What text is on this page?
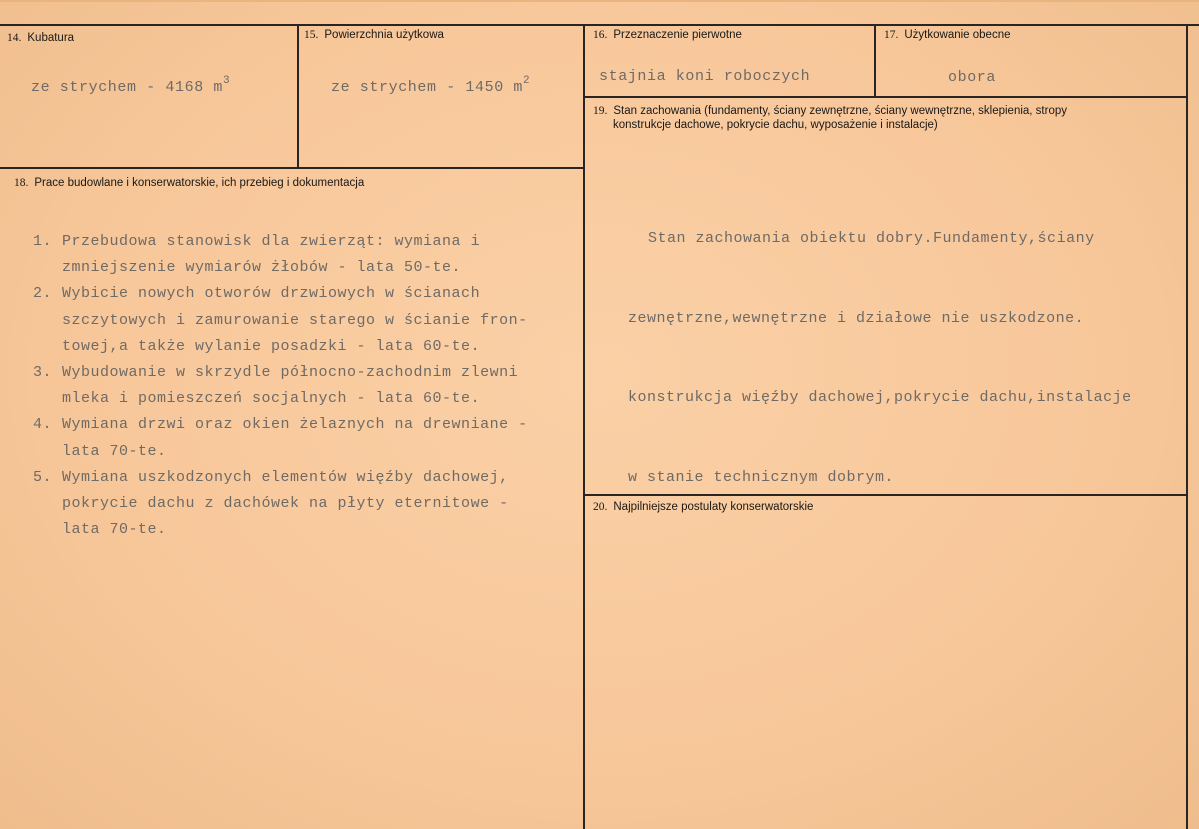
14. Kubatura
ze strychem - 4168 $m^3$
15. Powierzchnia użytkowa
ze strychem - 1450 $m^2$
16. Przeznaczenie pierwotne
stajnia koni roboczych
17. Użytkowanie obecne
obora
19. Stan zachowania (fundamenty, ściany zewnętrzne, ściany wewnętrzne, sklepienia, stropy
konstrukcje dachowe, pokrycie dachu, wyposażenie i instalacje)

Stan zachowania obiektu dobry.Fundamenty,ściany

zewnętrzne,wewnętrzne i działowe nie uszkodzone.

konstrukcja więźby dachowej,pokrycie dachu,instalacje

w stanie technicznym dobrym.

18. Prace budowlane i konserwatorskie, ich przebieg i dokumentacja
1. Przebudowa stanowisk dla zwierząt: wymiana i
zmniejszenie wymiarów żłobów - lata 50-te.
2. Wybicie nowych otworów drzwiowych w ścianach
szczytowych i zamurowanie starego w ścianie fron-
towej,a także wylanie posadzki - lata 60-te.
3. Wybudowanie w skrzydle północno-zachodnim zlewni
mleka i pomieszczeń socjalnych - lata 60-te.
4. Wymiana drzwi oraz okien żelaznych na drewniane -
lata 70-te.
5. Wymiana uszkodzonych elementów więźby dachowej,
pokrycie dachu z dachówek na płyty eternitowe -
lata 70-te.
20. Najpilniejsze postulaty konserwatorskie
